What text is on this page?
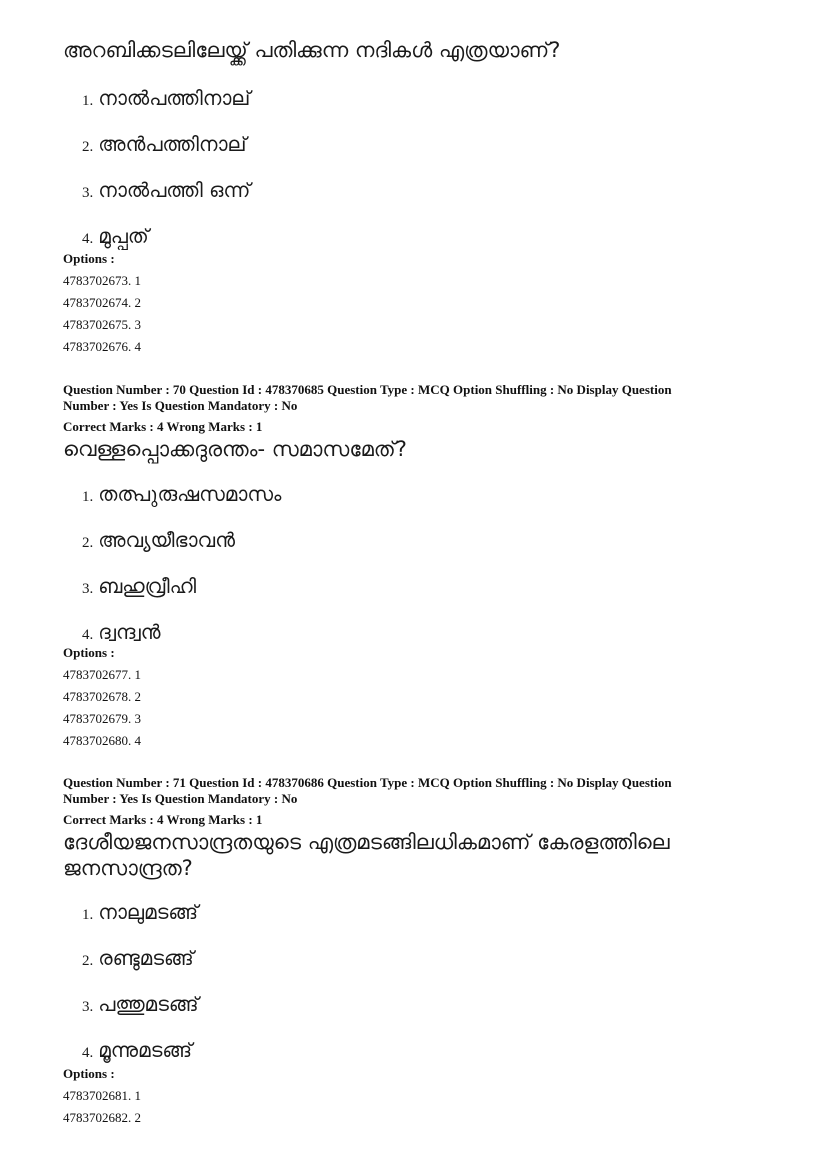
അറബിക്കടലിലേയ്ക്ക് പതിക്കുന്ന നദികൾ എത്രയാണ്?
1. നാൽപത്തിനാല്
2. അൻപത്തിനാല്
3. നാൽപത്തി ഒന്ന്
4. മുപ്പത്
Options :
4783702673. 1
4783702674. 2
4783702675. 3
4783702676. 4
Question Number : 70 Question Id : 478370685 Question Type : MCQ Option Shuffling : No Display Question
Number : Yes Is Question Mandatory : No
Correct Marks : 4 Wrong Marks : 1
വെള്ളപ്പൊക്കദുരന്തം- സമാസമേത്?
1. തത്പുരുഷസമാസം
2. അവ്യയീഭാവൻ
3. ബഹുവ്രീഹി
4. ദ്വന്ദ്വൻ
Options :
4783702677. 1
4783702678. 2
4783702679. 3
4783702680. 4
Question Number : 71 Question Id : 478370686 Question Type : MCQ Option Shuffling : No Display Question
Number : Yes Is Question Mandatory : No
Correct Marks : 4 Wrong Marks : 1
ദേശീയജനസാന്ദ്രതയുടെ എത്രമടങ്ങിലധികമാണ് കേരളത്തിലെ
ജനസാന്ദ്രത?
1. നാലുമടങ്ങ്
2. രണ്ടുമടങ്ങ്
3. പത്തുമടങ്ങ്
4. മൂന്നുമടങ്ങ്
Options :
4783702681. 1
4783702682. 2
